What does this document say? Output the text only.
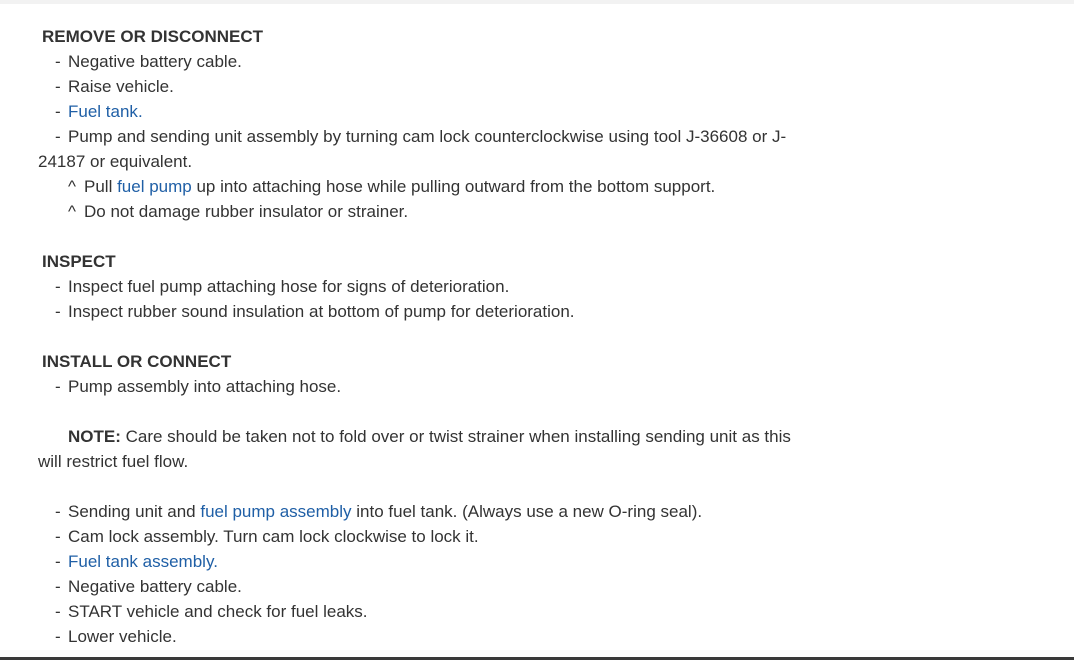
REMOVE OR DISCONNECT
- Negative battery cable.
- Raise vehicle.
- Fuel tank.
- Pump and sending unit assembly by turning cam lock counterclockwise using tool J-36608 or J-
24187 or equivalent.
^ Pull fuel pump up into attaching hose while pulling outward from the bottom support.
^ Do not damage rubber insulator or strainer.
INSPECT
- Inspect fuel pump attaching hose for signs of deterioration.
- Inspect rubber sound insulation at bottom of pump for deterioration.
INSTALL OR CONNECT
- Pump assembly into attaching hose.
NOTE: Care should be taken not to fold over or twist strainer when installing sending unit as this
will restrict fuel flow.
- Sending unit and fuel pump assembly into fuel tank. (Always use a new O-ring seal).
- Cam lock assembly. Turn cam lock clockwise to lock it.
- Fuel tank assembly.
- Negative battery cable.
- START vehicle and check for fuel leaks.
- Lower vehicle.
